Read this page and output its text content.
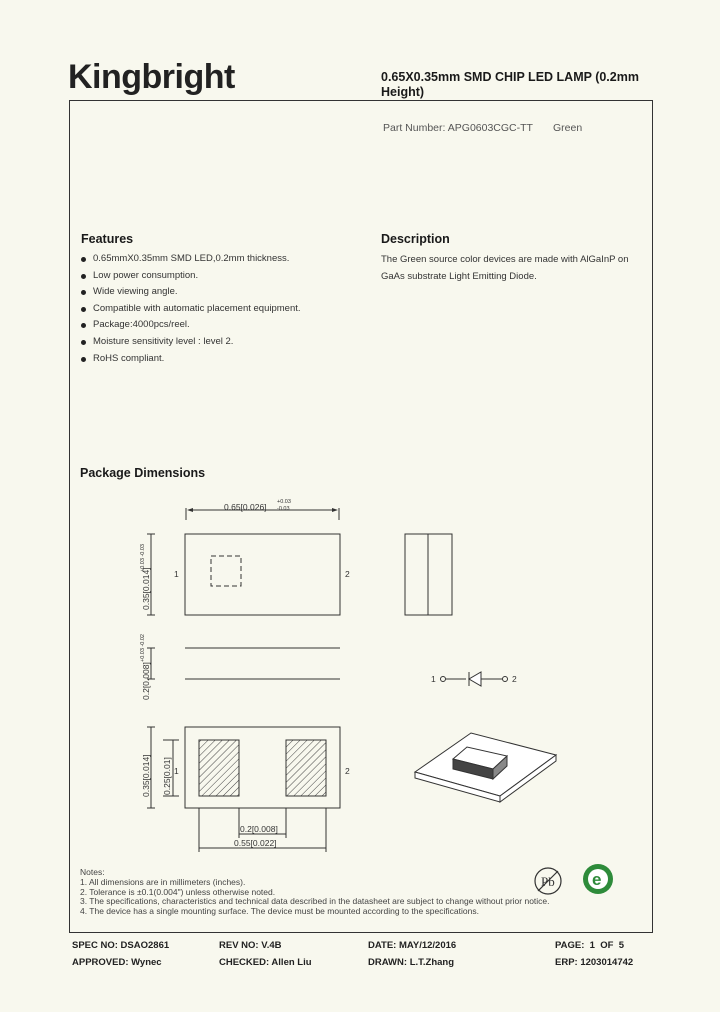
Kingbright	0.65X0.35mm SMD CHIP LED LAMP (0.2mm Height)
Part Number: APG0603CGC-TT Green
Features
0.65mmX0.35mm SMD LED,0.2mm thickness.
Low power consumption.
Wide viewing angle.
Compatible with automatic placement equipment.
Package:4000pcs/reel.
Moisture sensitivity level : level 2.
RoHS compliant.
Description
The Green source color devices are made with AlGaInP on GaAs substrate Light Emitting Diode.
Package Dimensions
0.65[0.026] +0.03
-0.03
0.35[0.014]
+0.03 -0.03
0.2[0.008]
+0.03 -0.02
0.35[0.014] 0.25[0.01]
0.2[0.008]
0.55[0.022]
1	2
1	2
1	2
Pb e
Notes:
1. All dimensions are in millimeters (inches).
2. Tolerance is ±0.1(0.004") unless otherwise noted.
3. The specifications, characteristics and technical data described in the datasheet are subject to change without prior notice.
4. The device has a single mounting surface. The device must be mounted according to the specifications.
SPEC NO: DSAO2861	REV NO: V.4B	DATE: MAY/12/2016	PAGE:  1  OF  5
APPROVED: Wynec	CHECKED: Allen Liu	DRAWN: L.T.Zhang	ERP: 1203014742
